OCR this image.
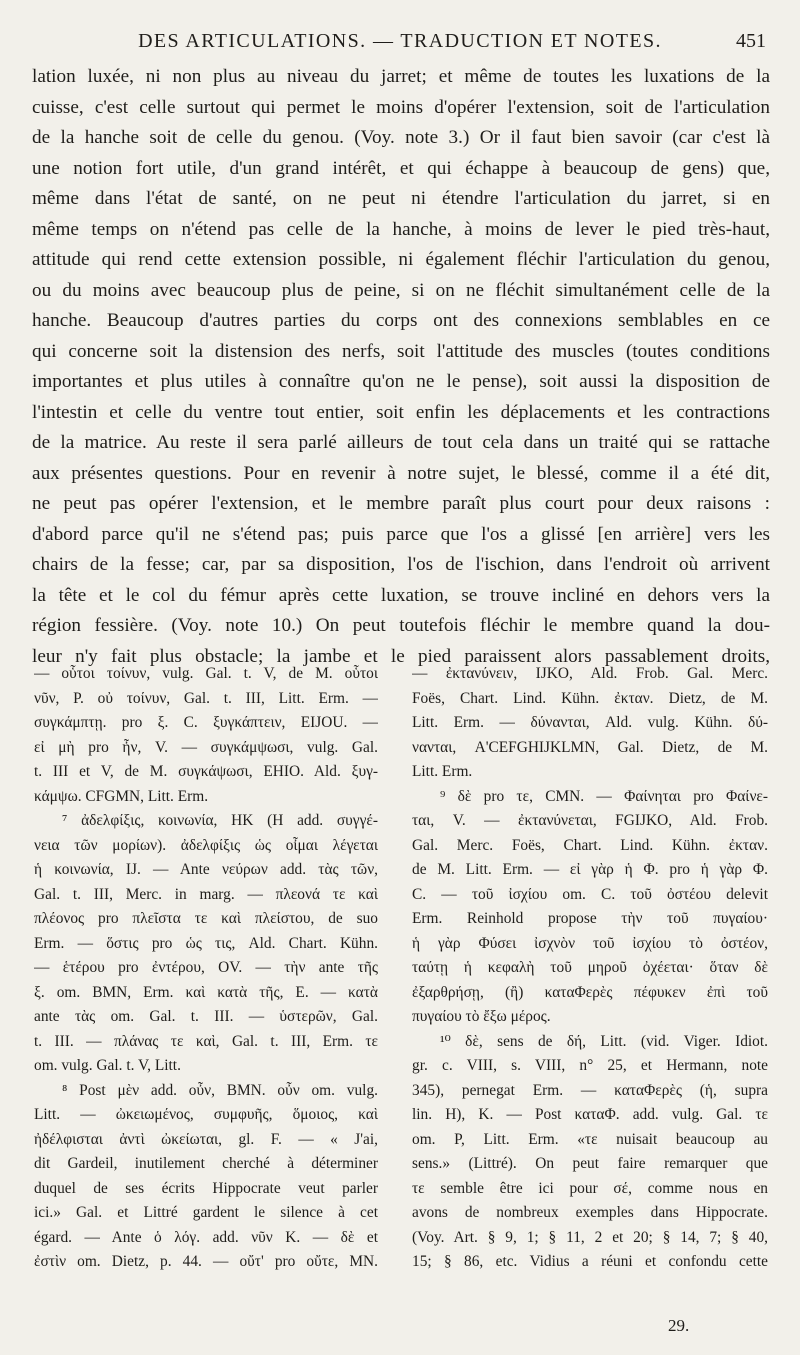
DES ARTICULATIONS. — TRADUCTION ET NOTES.	451
lation luxée, ni non plus au niveau du jarret; et même de toutes les luxations de la
cuisse, c'est celle surtout qui permet le moins d'opérer l'extension, soit de l'articulation
de la hanche soit de celle du genou. (Voy. note 3.) Or il faut bien savoir (car c'est là
une notion fort utile, d'un grand intérêt, et qui échappe à beaucoup de gens) que,
même dans l'état de santé, on ne peut ni étendre l'articulation du jarret, si en
même temps on n'étend pas celle de la hanche, à moins de lever le pied très-haut,
attitude qui rend cette extension possible, ni également fléchir l'articulation du genou,
ou du moins avec beaucoup plus de peine, si on ne fléchit simultanément celle de la
hanche. Beaucoup d'autres parties du corps ont des connexions semblables en ce
qui concerne soit la distension des nerfs, soit l'attitude des muscles (toutes conditions
importantes et plus utiles à connaître qu'on ne le pense), soit aussi la disposition de
l'intestin et celle du ventre tout entier, soit enfin les déplacements et les contractions
de la matrice. Au reste il sera parlé ailleurs de tout cela dans un traité qui se rattache
aux présentes questions. Pour en revenir à notre sujet, le blessé, comme il a été dit,
ne peut pas opérer l'extension, et le membre paraît plus court pour deux raisons :
d'abord parce qu'il ne s'étend pas; puis parce que l'os a glissé [en arrière] vers les
chairs de la fesse; car, par sa disposition, l'os de l'ischion, dans l'endroit où arrivent
la tête et le col du fémur après cette luxation, se trouve incliné en dehors vers la
région fessière. (Voy. note 10.) On peut toutefois fléchir le membre quand la dou-
leur n'y fait plus obstacle; la jambe et le pied paraissent alors passablement droits,
— οὗτοι τοίνυν, vulg. Gal. t. V, de M. οὗτοι
νῦν, P. οὐ τοίνυν, Gal. t. III, Litt. Erm. —
συγκάμπτῃ. pro ξ. C. ξυγκάπτειν, EIJOU. —
εἰ μὴ pro ἦν, V. — συγκάμψωσι, vulg. Gal.
t. III et V, de M. συγκάψωσι, EHIO. Ald. ξυγ-
κάμψω. CFGMN, Litt. Erm.
⁷ ἀδελφίξις, κοινωνία, HK (H add. συγγέ-
νεια τῶν μορίων). ἀδελφίξις ὡς οἶμαι λέγεται
ἡ κοινωνία, IJ. — Ante νεύρων add. τὰς τῶν,
Gal. t. III, Merc. in marg. — πλεονά τε καὶ
πλέονος pro πλεῖστα τε καὶ πλείστου, de suo
Erm. — ὅστις pro ὡς τις, Ald. Chart. Kühn.
— ἑτέρου pro ἐντέρου, OV. — τὴν ante τῆς
ξ. om. BMN, Erm. καὶ κατὰ τῆς, E. — κατὰ
ante τὰς om. Gal. t. III. — ὑστερῶν, Gal.
t. III. — πλάνας τε καὶ, Gal. t. III, Erm. τε
om. vulg. Gal. t. V, Litt.
⁸ Post μὲν add. οὖν, BMN. οὖν om. vulg.
Litt. — ὠκειωμένος, συμφυῆς, ὅμοιος, καὶ
ἠδέλφισται ἀντὶ ὠκείωται, gl. F. — « J'ai,
dit Gardeil, inutilement cherché à déterminer
duquel de ses écrits Hippocrate veut parler
ici.» Gal. et Littré gardent le silence à cet
égard. — Ante ὁ λόγ. add. νῦν K. — δὲ et
ἐστὶν om. Dietz, p. 44. — οὔτ' pro οὔτε, MN.
— ἐκτανύνειν, IJKO, Ald. Frob. Gal. Merc.
Foës, Chart. Lind. Kühn. ἐκταν. Dietz, de M.
Litt. Erm. — δύνανται, Ald. vulg. Kühn. δύ-
νανται, A'CEFGHIJKLMN, Gal. Dietz, de M.
Litt. Erm.
⁹ δὲ pro τε, CMN. — Φαίνηται pro Φαίνε-
ται, V. — ἐκτανύνεται, FGIJKO, Ald. Frob.
Gal. Merc. Foës, Chart. Lind. Kühn. ἐκταν.
de M. Litt. Erm. — εἰ γὰρ ἡ Φ. pro ἡ γὰρ Φ.
C. — τοῦ ἰσχίου om. C. τοῦ ὀστέου delevit
Erm. Reinhold propose τὴν τοῦ πυγαίου·
ἡ γὰρ Φύσει ἰσχνὸν τοῦ ἰσχίου τὸ ὀστέον,
ταύτῃ ἡ κεφαλὴ τοῦ μηροῦ ὀχέεται· ὅταν δὲ
ἐξαρθρήσῃ, (ἢ) καταΦερὲς πέφυκεν ἐπὶ τοῦ
πυγαίου τὸ ἔξω μέρος.
¹⁰ δὲ, sens de δή, Litt. (vid. Viger. Idiot.
gr. c. VIII, s. VIII, n° 25, et Hermann, note
345), pernegat Erm. — καταΦερὲς (ἡ, supra
lin. H), K. — Post καταΦ. add. vulg. Gal. τε
om. P, Litt. Erm. «τε nuisait beaucoup au
sens.» (Littré). On peut faire remarquer que
τε semble être ici pour σέ, comme nous en
avons de nombreux exemples dans Hippocrate.
(Voy. Art. § 9, 1; § 11, 2 et 20; § 14, 7; § 40,
15; § 86, etc. Vidius a réuni et confondu cette
29.
